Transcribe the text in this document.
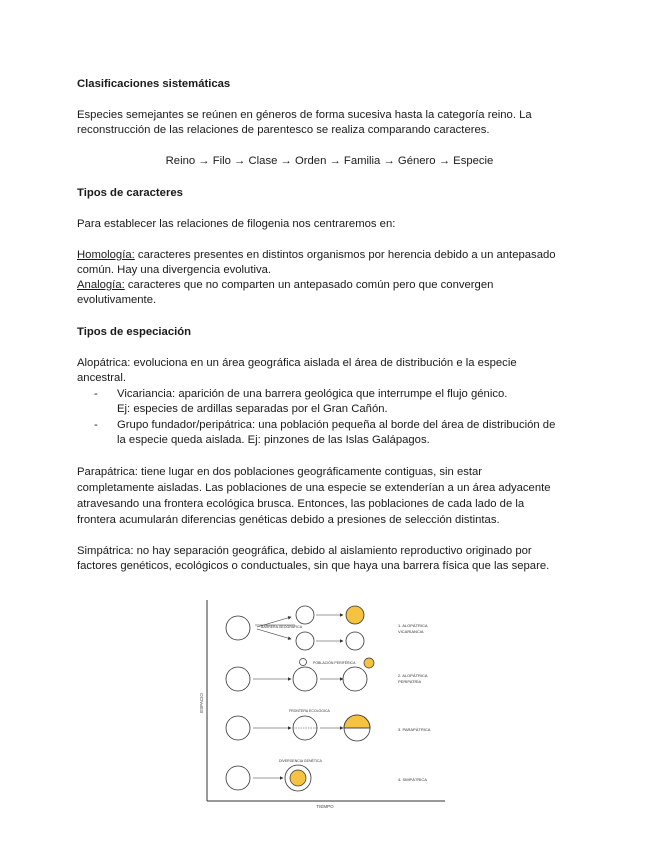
Clasificaciones sistemáticas
Especies semejantes se reúnen en géneros de forma sucesiva hasta la categoría reino. La
reconstrucción de las relaciones de parentesco se realiza comparando caracteres.
Reino → Filo → Clase → Orden → Familia → Género → Especie
Tipos de caracteres
Para establecer las relaciones de filogenia nos centraremos en:
Homología: caracteres presentes en distintos organismos por herencia debido a un antepasado
común. Hay una divergencia evolutiva.
Analogía: caracteres que no comparten un antepasado común pero que convergen
evolutivamente.
Tipos de especiación
Alopátrica: evoluciona en un área geográfica aislada el área de distribución e la especie
ancestral.
- Vicariancia: aparición de una barrera geológica que interrumpe el flujo génico.
Ej: especies de ardillas separadas por el Gran Cañón.
- Grupo fundador/peripátrica: una población pequeña al borde del área de distribución de
la especie queda aislada. Ej: pinzones de las Islas Galápagos.
Parapátrica: tiene lugar en dos poblaciones geográficamente contiguas, sin estar
completamente aisladas. Las poblaciones de una especie se extenderían a un área adyacente
atravesando una frontera ecológica brusca. Entonces, las poblaciones de cada lado de la
frontera acumularán diferencias genéticas debido a presiones de selección distintas.
Simpátrica: no hay separación geográfica, debido al aislamiento reproductivo originado por
factores genéticos, ecológicos o conductuales, sin que haya una barrera física que las separe.
ESPACIO
TIEMPO
BARRERA GEOGRÁFICA	1. ALOPÁTRICA
VICARIANCIA
POBLACIÓN PERIFÉRICA
2. ALOPÁTRICA
PERIPATRÍA
FRONTERA ECOLÓGICA
3. PARAPÁTRICA
DIVERGENCIA GENÉTICA
4. SIMPÁTRICA
